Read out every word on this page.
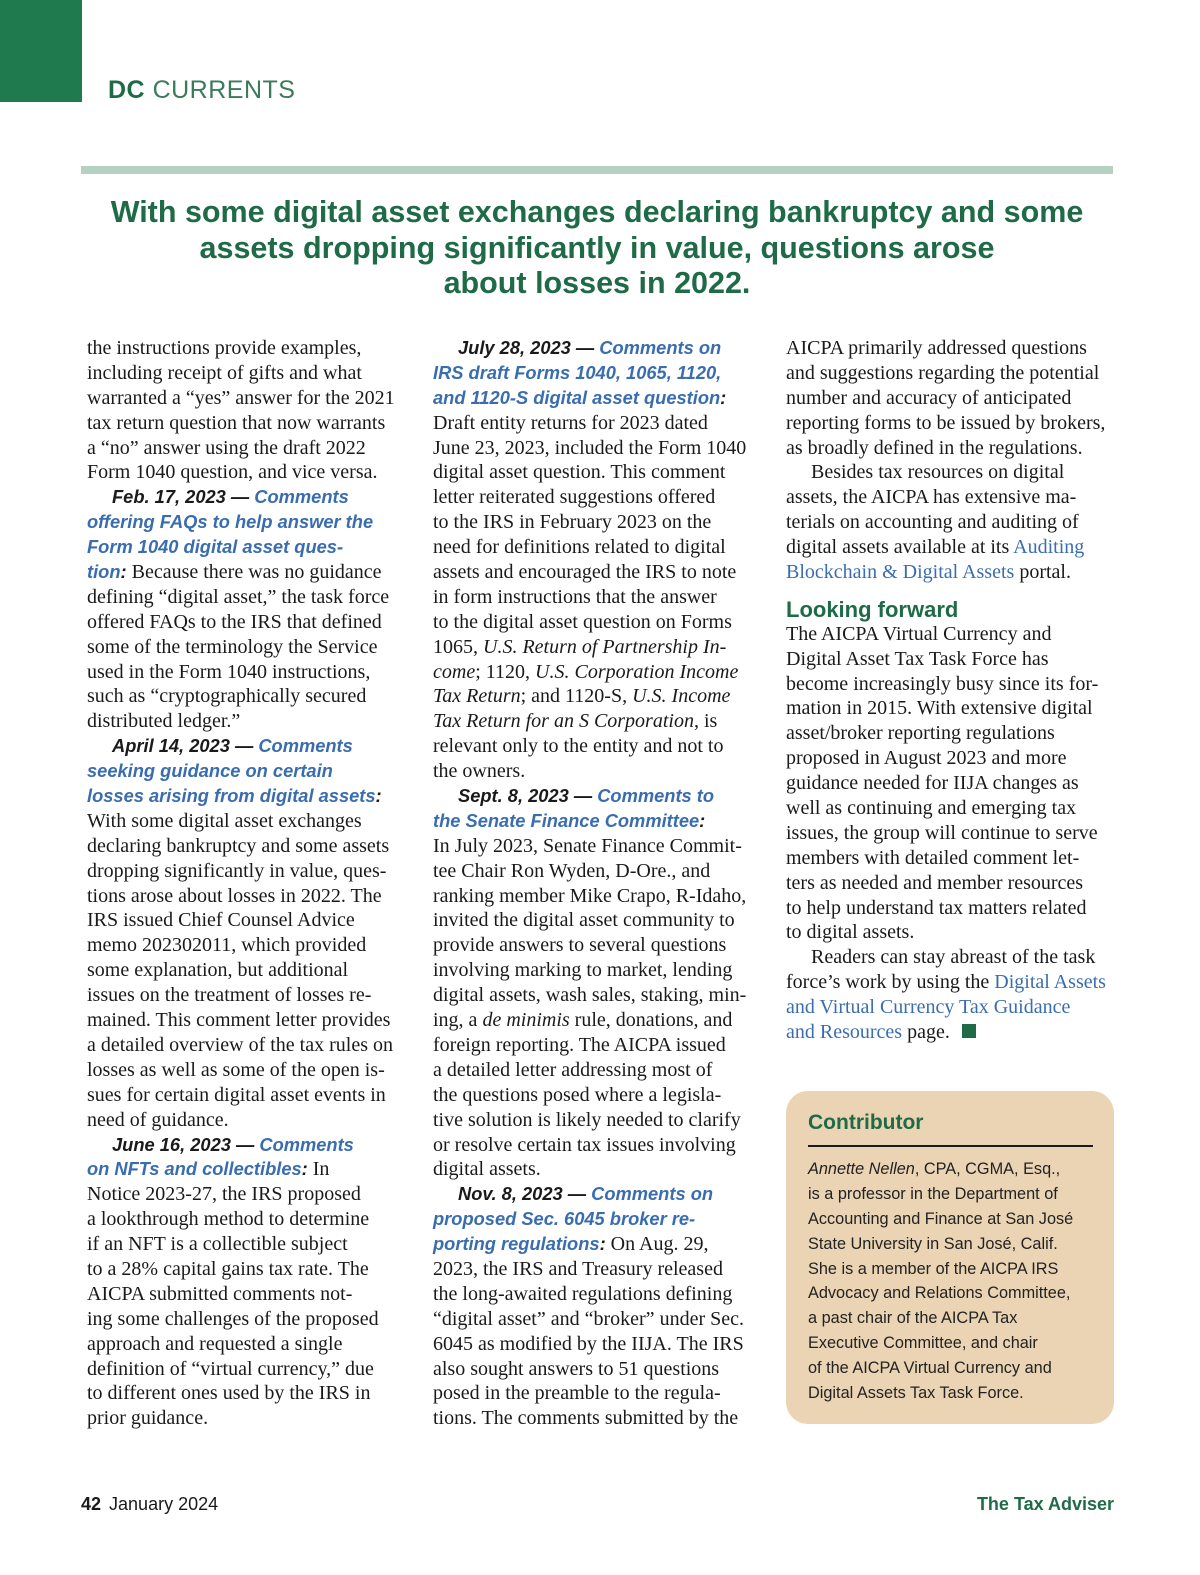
DC CURRENTS
With some digital asset exchanges declaring bankruptcy and some
assets dropping significantly in value, questions arose
about losses in 2022.
the instructions provide examples,
including receipt of gifts and what
warranted a “yes” answer for the 2021
tax return question that now warrants
a “no” answer using the draft 2022
Form 1040 question, and vice versa.
Feb. 17, 2023 — Comments
offering FAQs to help answer the
Form 1040 digital asset ques-
tion: Because there was no guidance
defining “digital asset,” the task force
offered FAQs to the IRS that defined
some of the terminology the Service
used in the Form 1040 instructions,
such as “cryptographically secured
distributed ledger.”
April 14, 2023 — Comments
seeking guidance on certain
losses arising from digital assets:
With some digital asset exchanges
declaring bankruptcy and some assets
dropping significantly in value, ques-
tions arose about losses in 2022. The
IRS issued Chief Counsel Advice
memo 202302011, which provided
some explanation, but additional
issues on the treatment of losses re-
mained. This comment letter provides
a detailed overview of the tax rules on
losses as well as some of the open is-
sues for certain digital asset events in
need of guidance.
June 16, 2023 — Comments
on NFTs and collectibles: In
Notice 2023-27, the IRS proposed
a lookthrough method to determine
if an NFT is a collectible subject
to a 28% capital gains tax rate. The
AICPA submitted comments not-
ing some challenges of the proposed
approach and requested a single
definition of “virtual currency,” due
to different ones used by the IRS in
prior guidance.
July 28, 2023 — Comments on
IRS draft Forms 1040, 1065, 1120,
and 1120-S digital asset question:
Draft entity returns for 2023 dated
June 23, 2023, included the Form 1040
digital asset question. This comment
letter reiterated suggestions offered
to the IRS in February 2023 on the
need for definitions related to digital
assets and encouraged the IRS to note
in form instructions that the answer
to the digital asset question on Forms
1065, U.S. Return of Partnership In-
come; 1120, U.S. Corporation Income
Tax Return; and 1120-S, U.S. Income
Tax Return for an S Corporation, is
relevant only to the entity and not to
the owners.
Sept. 8, 2023 — Comments to
the Senate Finance Committee:
In July 2023, Senate Finance Commit-
tee Chair Ron Wyden, D-Ore., and
ranking member Mike Crapo, R-Idaho,
invited the digital asset community to
provide answers to several questions
involving marking to market, lending
digital assets, wash sales, staking, min-
ing, a de minimis rule, donations, and
foreign reporting. The AICPA issued
a detailed letter addressing most of
the questions posed where a legisla-
tive solution is likely needed to clarify
or resolve certain tax issues involving
digital assets.
Nov. 8, 2023 — Comments on
proposed Sec. 6045 broker re-
porting regulations: On Aug. 29,
2023, the IRS and Treasury released
the long-awaited regulations defining
“digital asset” and “broker” under Sec.
6045 as modified by the IIJA. The IRS
also sought answers to 51 questions
posed in the preamble to the regula-
tions. The comments submitted by the
AICPA primarily addressed questions
and suggestions regarding the potential
number and accuracy of anticipated
reporting forms to be issued by brokers,
as broadly defined in the regulations.
Besides tax resources on digital
assets, the AICPA has extensive ma-
terials on accounting and auditing of
digital assets available at its Auditing
Blockchain & Digital Assets portal.
Looking forward
The AICPA Virtual Currency and
Digital Asset Tax Task Force has
become increasingly busy since its for-
mation in 2015. With extensive digital
asset/broker reporting regulations
proposed in August 2023 and more
guidance needed for IIJA changes as
well as continuing and emerging tax
issues, the group will continue to serve
members with detailed comment let-
ters as needed and member resources
to help understand tax matters related
to digital assets.
Readers can stay abreast of the task
force’s work by using the Digital Assets
and Virtual Currency Tax Guidance
and Resources page.
Contributor
Annette Nellen, CPA, CGMA, Esq.,
is a professor in the Department of
Accounting and Finance at San José
State University in San José, Calif.
She is a member of the AICPA IRS
Advocacy and Relations Committee,
a past chair of the AICPA Tax
Executive Committee, and chair
of the AICPA Virtual Currency and
Digital Assets Tax Task Force.
42 January 2024	The Tax Adviser
